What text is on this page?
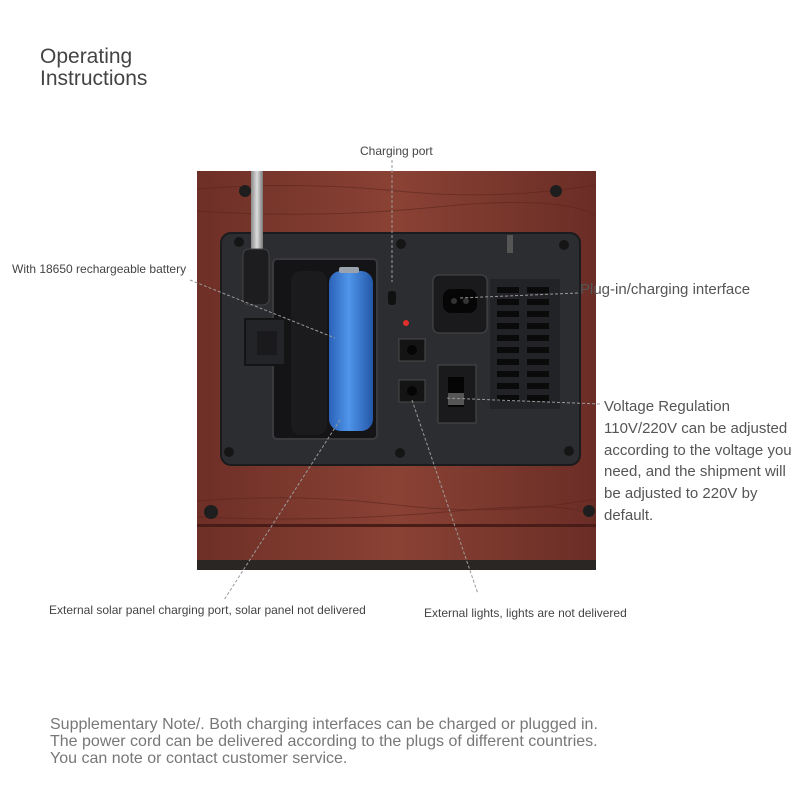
Operating
Instructions
Charging port
With 18650 rechargeable battery
Plug-in/charging interface
Voltage Regulation 110V/220V can be adjusted according to the voltage you need, and the shipment will be adjusted to 220V by default.
External solar panel charging port, solar panel not delivered	External lights, lights are not delivered
Supplementary Note/. Both charging interfaces can be charged or plugged in. The power cord can be delivered according to the plugs of different countries. You can note or contact customer service.
